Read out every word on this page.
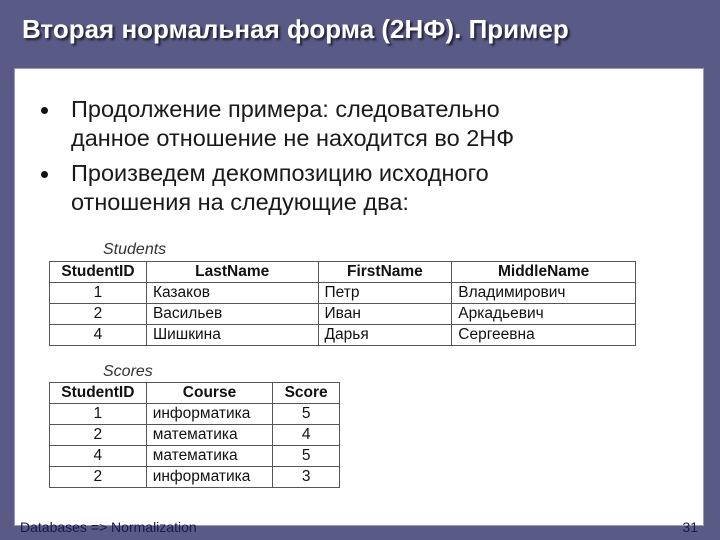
Вторая нормальная форма (2НФ). Пример
Продолжение примера: следовательно
данное отношение не находится во 2НФ
Произведем декомпозицию исходного
отношения на следующие два:
Students
StudentID	LastName	FirstName	MiddleName
1	Казаков	Петр	Владимирович
2	Васильев	Иван	Аркадьевич
4	Шишкина	Дарья	Сергеевна
Scores
StudentID	Course	Score
1	информатика	5
2	математика	4
4	математика	5
2	информатика	3
Databases => Normalization	31
